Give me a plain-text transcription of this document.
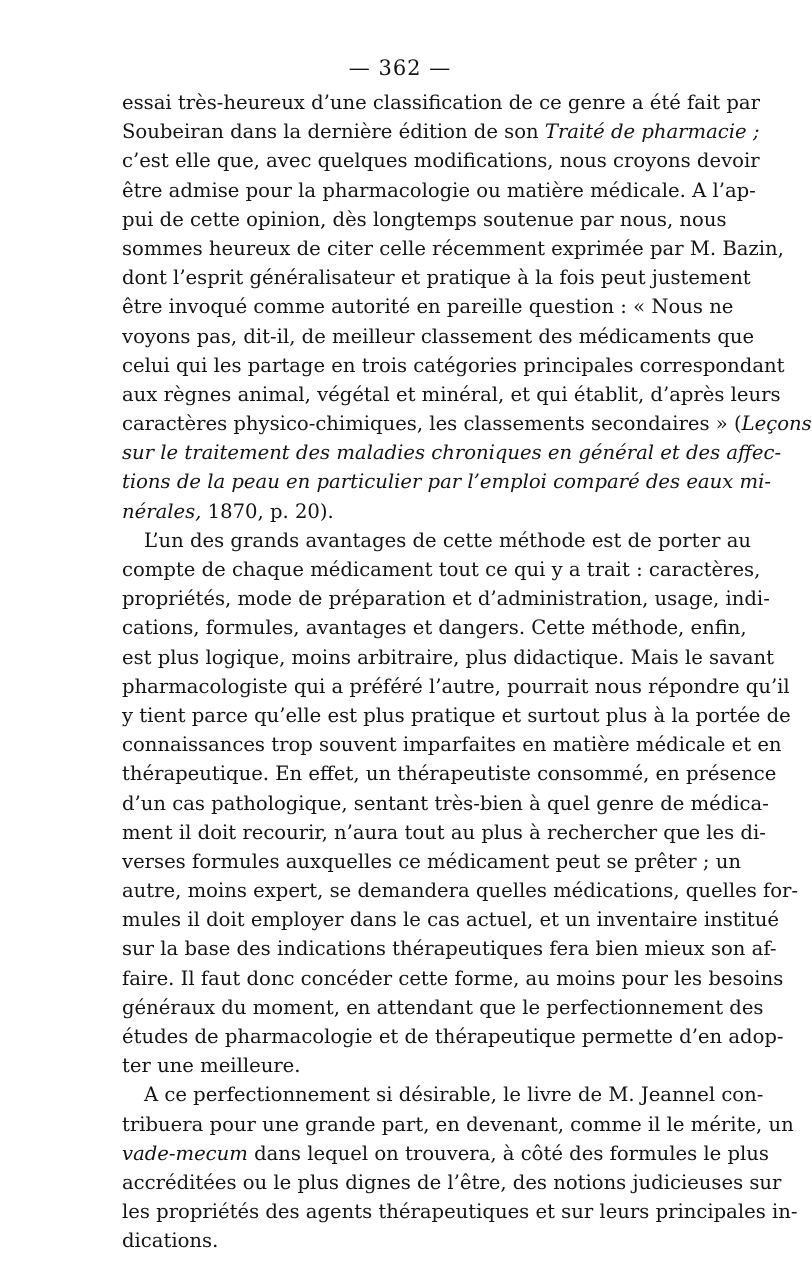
— 362 —
essai très-heureux d’une classification de ce genre a été fait par
Soubeiran dans la dernière édition de son Traité de pharmacie ;
c’est elle que, avec quelques modifications, nous croyons devoir
être admise pour la pharmacologie ou matière médicale. A l’ap-
pui de cette opinion, dès longtemps soutenue par nous, nous
sommes heureux de citer celle récemment exprimée par M. Bazin,
dont l’esprit généralisateur et pratique à la fois peut justement
être invoqué comme autorité en pareille question : « Nous ne
voyons pas, dit-il, de meilleur classement des médicaments que
celui qui les partage en trois catégories principales correspondant
aux règnes animal, végétal et minéral, et qui établit, d’après leurs
caractères physico-chimiques, les classements secondaires » (Leçons
sur le traitement des maladies chroniques en général et des affec-
tions de la peau en particulier par l’emploi comparé des eaux mi-
nérales, 1870, p. 20).
L’un des grands avantages de cette méthode est de porter au
compte de chaque médicament tout ce qui y a trait : caractères,
propriétés, mode de préparation et d’administration, usage, indi-
cations, formules, avantages et dangers. Cette méthode, enfin,
est plus logique, moins arbitraire, plus didactique. Mais le savant
pharmacologiste qui a préféré l’autre, pourrait nous répondre qu’il
y tient parce qu’elle est plus pratique et surtout plus à la portée de
connaissances trop souvent imparfaites en matière médicale et en
thérapeutique. En effet, un thérapeutiste consommé, en présence
d’un cas pathologique, sentant très-bien à quel genre de médica-
ment il doit recourir, n’aura tout au plus à rechercher que les di-
verses formules auxquelles ce médicament peut se prêter ; un
autre, moins expert, se demandera quelles médications, quelles for-
mules il doit employer dans le cas actuel, et un inventaire institué
sur la base des indications thérapeutiques fera bien mieux son af-
faire. Il faut donc concéder cette forme, au moins pour les besoins
généraux du moment, en attendant que le perfectionnement des
études de pharmacologie et de thérapeutique permette d’en adop-
ter une meilleure.
A ce perfectionnement si désirable, le livre de M. Jeannel con-
tribuera pour une grande part, en devenant, comme il le mérite, un
vade-mecum dans lequel on trouvera, à côté des formules le plus
accréditées ou le plus dignes de l’être, des notions judicieuses sur
les propriétés des agents thérapeutiques et sur leurs principales in-
dications.
